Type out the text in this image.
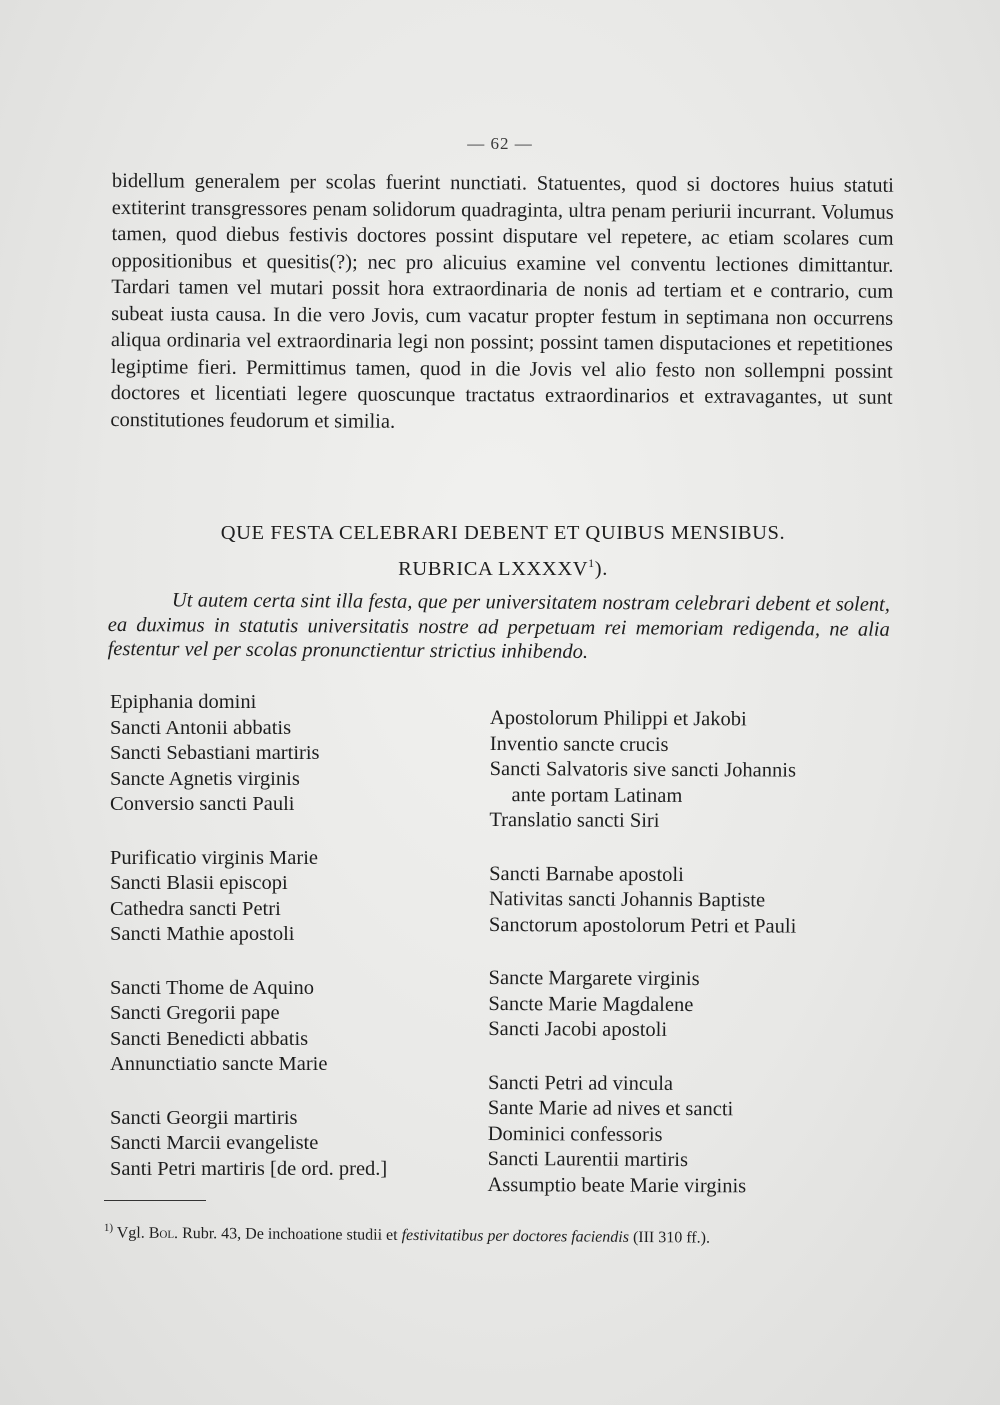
— 62 —
bidellum generalem per scolas fuerint nunctiati. Statuentes, quod si doctores huius statuti extiterint transgressores penam solidorum quadraginta, ultra penam periurii incurrant. Volumus tamen, quod diebus festivis doctores possint disputare vel repetere, ac etiam scolares cum oppositionibus et quesitis(?); nec pro alicuius examine vel conventu lectiones dimittantur. Tardari tamen vel mutari possit hora extraordinaria de nonis ad tertiam et e contrario, cum subeat iusta causa. In die vero Jovis, cum vacatur propter festum in septimana non occurrens aliqua ordinaria vel extraordinaria legi non possint; possint tamen disputaciones et repetitiones legiptime fieri. Permittimus tamen, quod in die Jovis vel alio festo non sollempni possint doctores et licentiati legere quoscunque tractatus extraordinarios et extravagantes, ut sunt constitutiones feudorum et similia.
QUE FESTA CELEBRARI DEBENT ET QUIBUS MENSIBUS.
RUBRICA LXXXXV$^1$).
Ut autem certa sint illa festa, que per universitatem nostram celebrari debent et solent, ea duximus in statutis universitatis nostre ad perpetuam rei memoriam redigenda, ne alia festentur vel per scolas pronunctientur strictius inhibendo.
Epiphania domini
Sancti Antonii abbatis
Sancti Sebastiani martiris
Sancte Agnetis virginis
Conversio sancti Pauli
Purificatio virginis Marie
Sancti Blasii episcopi
Cathedra sancti Petri
Sancti Mathie apostoli
Sancti Thome de Aquino
Sancti Gregorii pape
Sancti Benedicti abbatis
Annunctiatio sancte Marie
Sancti Georgii martiris
Sancti Marcii evangeliste
Santi Petri martiris [de ord. pred.]
Apostolorum Philippi et Jakobi
Inventio sancte crucis
Sancti Salvatoris sive sancti Johannis
ante portam Latinam
Translatio sancti Siri
Sancti Barnabe apostoli
Nativitas sancti Johannis Baptiste
Sanctorum apostolorum Petri et Pauli
Sancte Margarete virginis
Sancte Marie Magdalene
Sancti Jacobi apostoli
Sancti Petri ad vincula
Sante Marie ad nives et sancti
Dominici confessoris
Sancti Laurentii martiris
Assumptio beate Marie virginis
$^{1)}$ Vgl. Bol. Rubr. 43, De inchoatione studii et festivitatibus per doctores faciendis (III 310 ff.).
